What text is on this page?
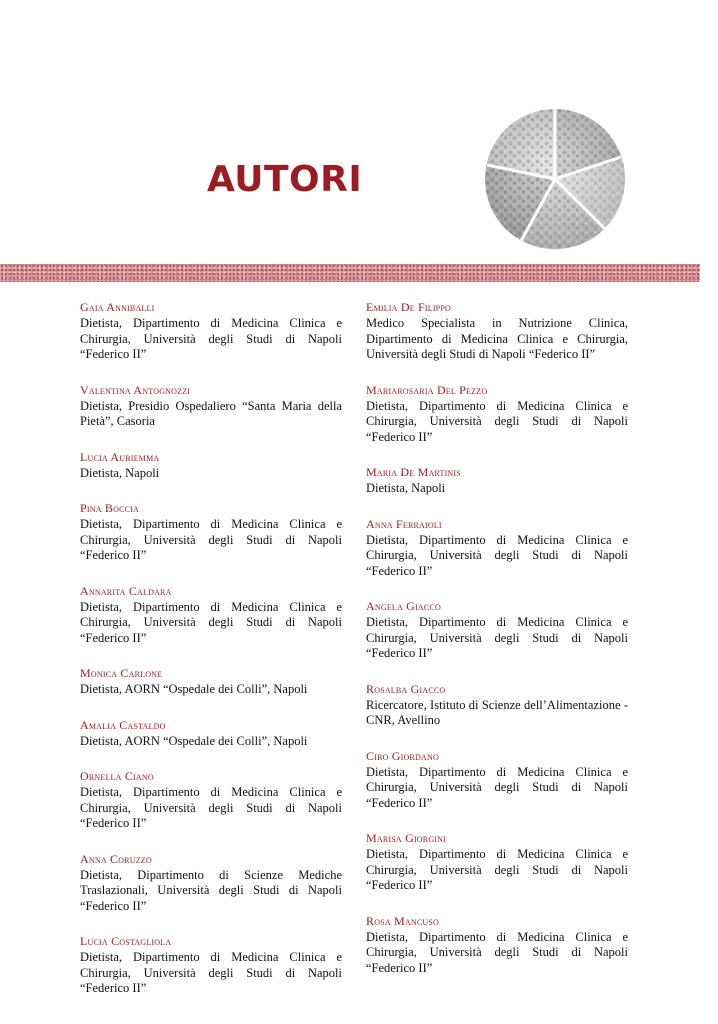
AUTORI

Gaia Anniballi

Dietista, Dipartimento di Medicina Clinica e Chirurgia, Università degli Studi di Napoli “Federico II”

Valentina Antognozzi

Dietista, Presidio Ospedaliero “Santa Maria della Pietà”, Casoria

Lucia Auriemma

Dietista, Napoli

Pina Boccia

Dietista, Dipartimento di Medicina Clinica e Chirurgia, Università degli Studi di Napoli “Federico II”

Annarita Caldara

Dietista, Dipartimento di Medicina Clinica e Chirurgia, Università degli Studi di Napoli “Federico II”

Monica Carlone

Dietista, AORN “Ospedale dei Colli”, Napoli

Amalia Castaldo

Dietista, AORN “Ospedale dei Colli”, Napoli

Ornella Ciano

Dietista, Dipartimento di Medicina Clinica e Chirurgia, Università degli Studi di Napoli “Federico II”

Anna Coruzzo

Dietista, Dipartimento di Scienze Mediche Traslazionali, Università degli Studi di Napoli “Federico II”

Lucia Costagliola

Dietista, Dipartimento di Medicina Clinica e Chirurgia, Università degli Studi di Napoli “Federico II”

Emilia De Filippo

Medico Specialista in Nutrizione Clinica, Dipartimento di Medicina Clinica e Chirurgia, Università degli Studi di Napoli “Federico II”

Mariarosaria Del Pezzo

Dietista, Dipartimento di Medicina Clinica e Chirurgia, Università degli Studi di Napoli “Federico II”

Maria De Martinis

Dietista, Napoli

Anna Ferraioli

Dietista, Dipartimento di Medicina Clinica e Chirurgia, Università degli Studi di Napoli “Federico II”

Angela Giacco

Dietista, Dipartimento di Medicina Clinica e Chirurgia, Università degli Studi di Napoli “Federico II”

Rosalba Giacco

Ricercatore, Istituto di Scienze dell’Alimentazione - CNR, Avellino

Ciro Giordano

Dietista, Dipartimento di Medicina Clinica e Chirurgia, Università degli Studi di Napoli “Federico II”

Marisa Giorgini

Dietista, Dipartimento di Medicina Clinica e Chirurgia, Università degli Studi di Napoli “Federico II”

Rosa Mancuso

Dietista, Dipartimento di Medicina Clinica e Chirurgia, Università degli Studi di Napoli “Federico II”
